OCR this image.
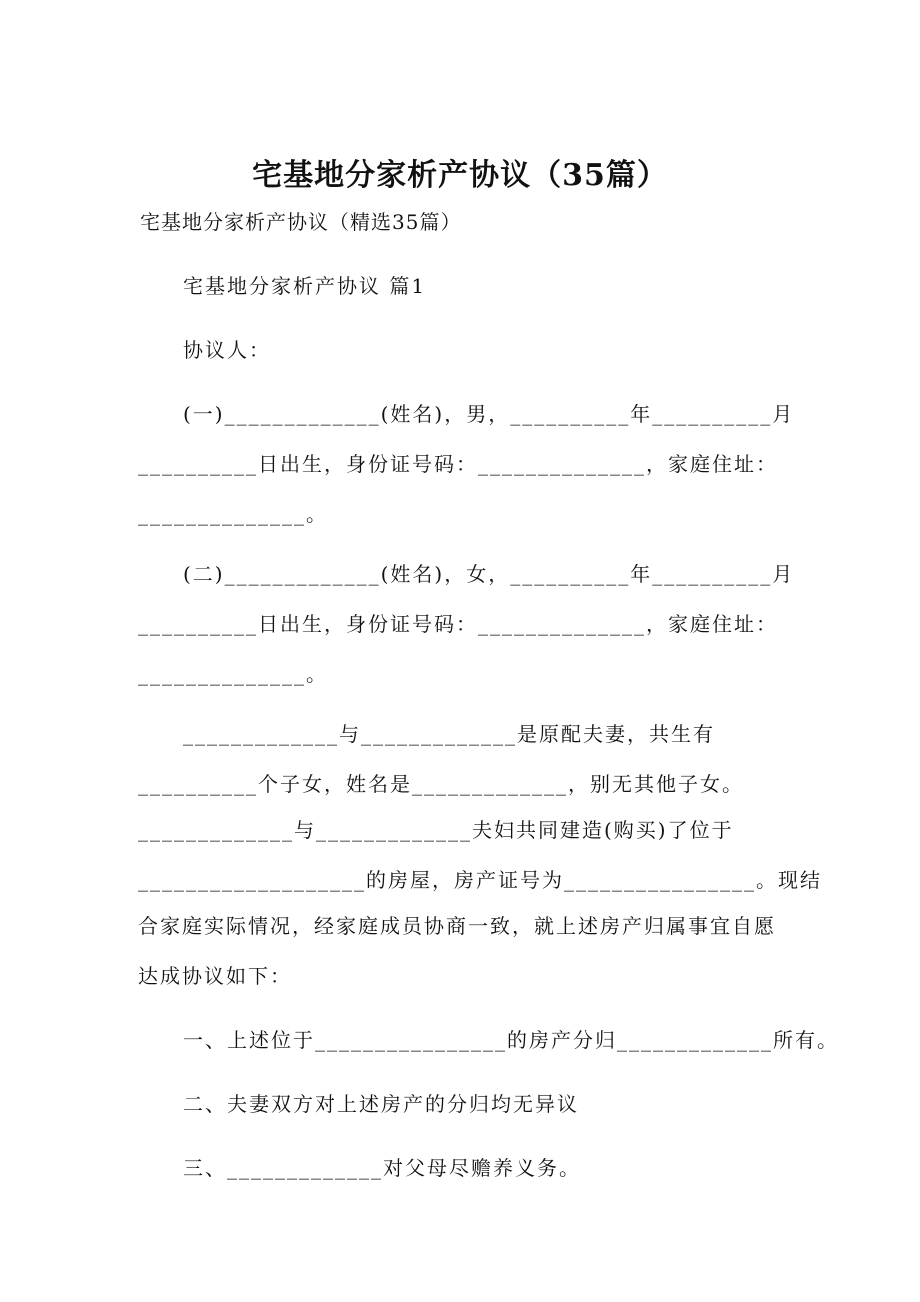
宅基地分家析产协议（35篇）
宅基地分家析产协议（精选35篇）
宅基地分家析产协议 篇1
协议人：
(一)_____________(姓名)，男，__________年__________月
__________日出生，身份证号码：______________，家庭住址：
______________。
(二)_____________(姓名)，女，__________年__________月
__________日出生，身份证号码：______________，家庭住址：
______________。
_____________与_____________是原配夫妻，共生有
__________个子女，姓名是_____________，别无其他子女。
_____________与_____________夫妇共同建造(购买)了位于
___________________的房屋，房产证号为________________。现结
合家庭实际情况，经家庭成员协商一致，就上述房产归属事宜自愿
达成协议如下：
一、上述位于________________的房产分归_____________所有。
二、夫妻双方对上述房产的分归均无异议
三、_____________对父母尽赡养义务。
